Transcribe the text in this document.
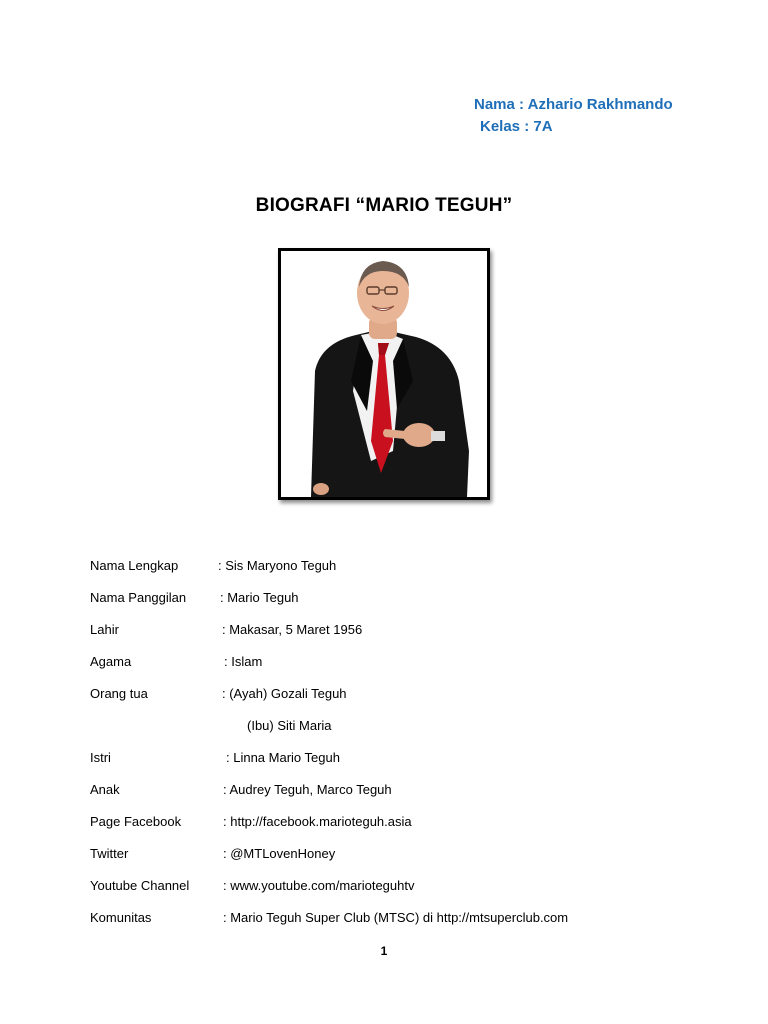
Nama : Azhario Rakhmando
Kelas : 7A
BIOGRAFI “MARIO TEGUH”
Nama Lengkap	: Sis Maryono Teguh
Nama Panggilan	: Mario Teguh
Lahir	: Makasar, 5 Maret 1956
Agama	: Islam
Orang tua	: (Ayah) Gozali Teguh
(Ibu) Siti Maria
Istri	: Linna Mario Teguh
Anak	: Audrey Teguh, Marco Teguh
Page Facebook	: http://facebook.marioteguh.asia
Twitter	: @MTLovenHoney
Youtube Channel	: www.youtube.com/marioteguhtv
Komunitas	: Mario Teguh Super Club (MTSC) di http://mtsuperclub.com
1
